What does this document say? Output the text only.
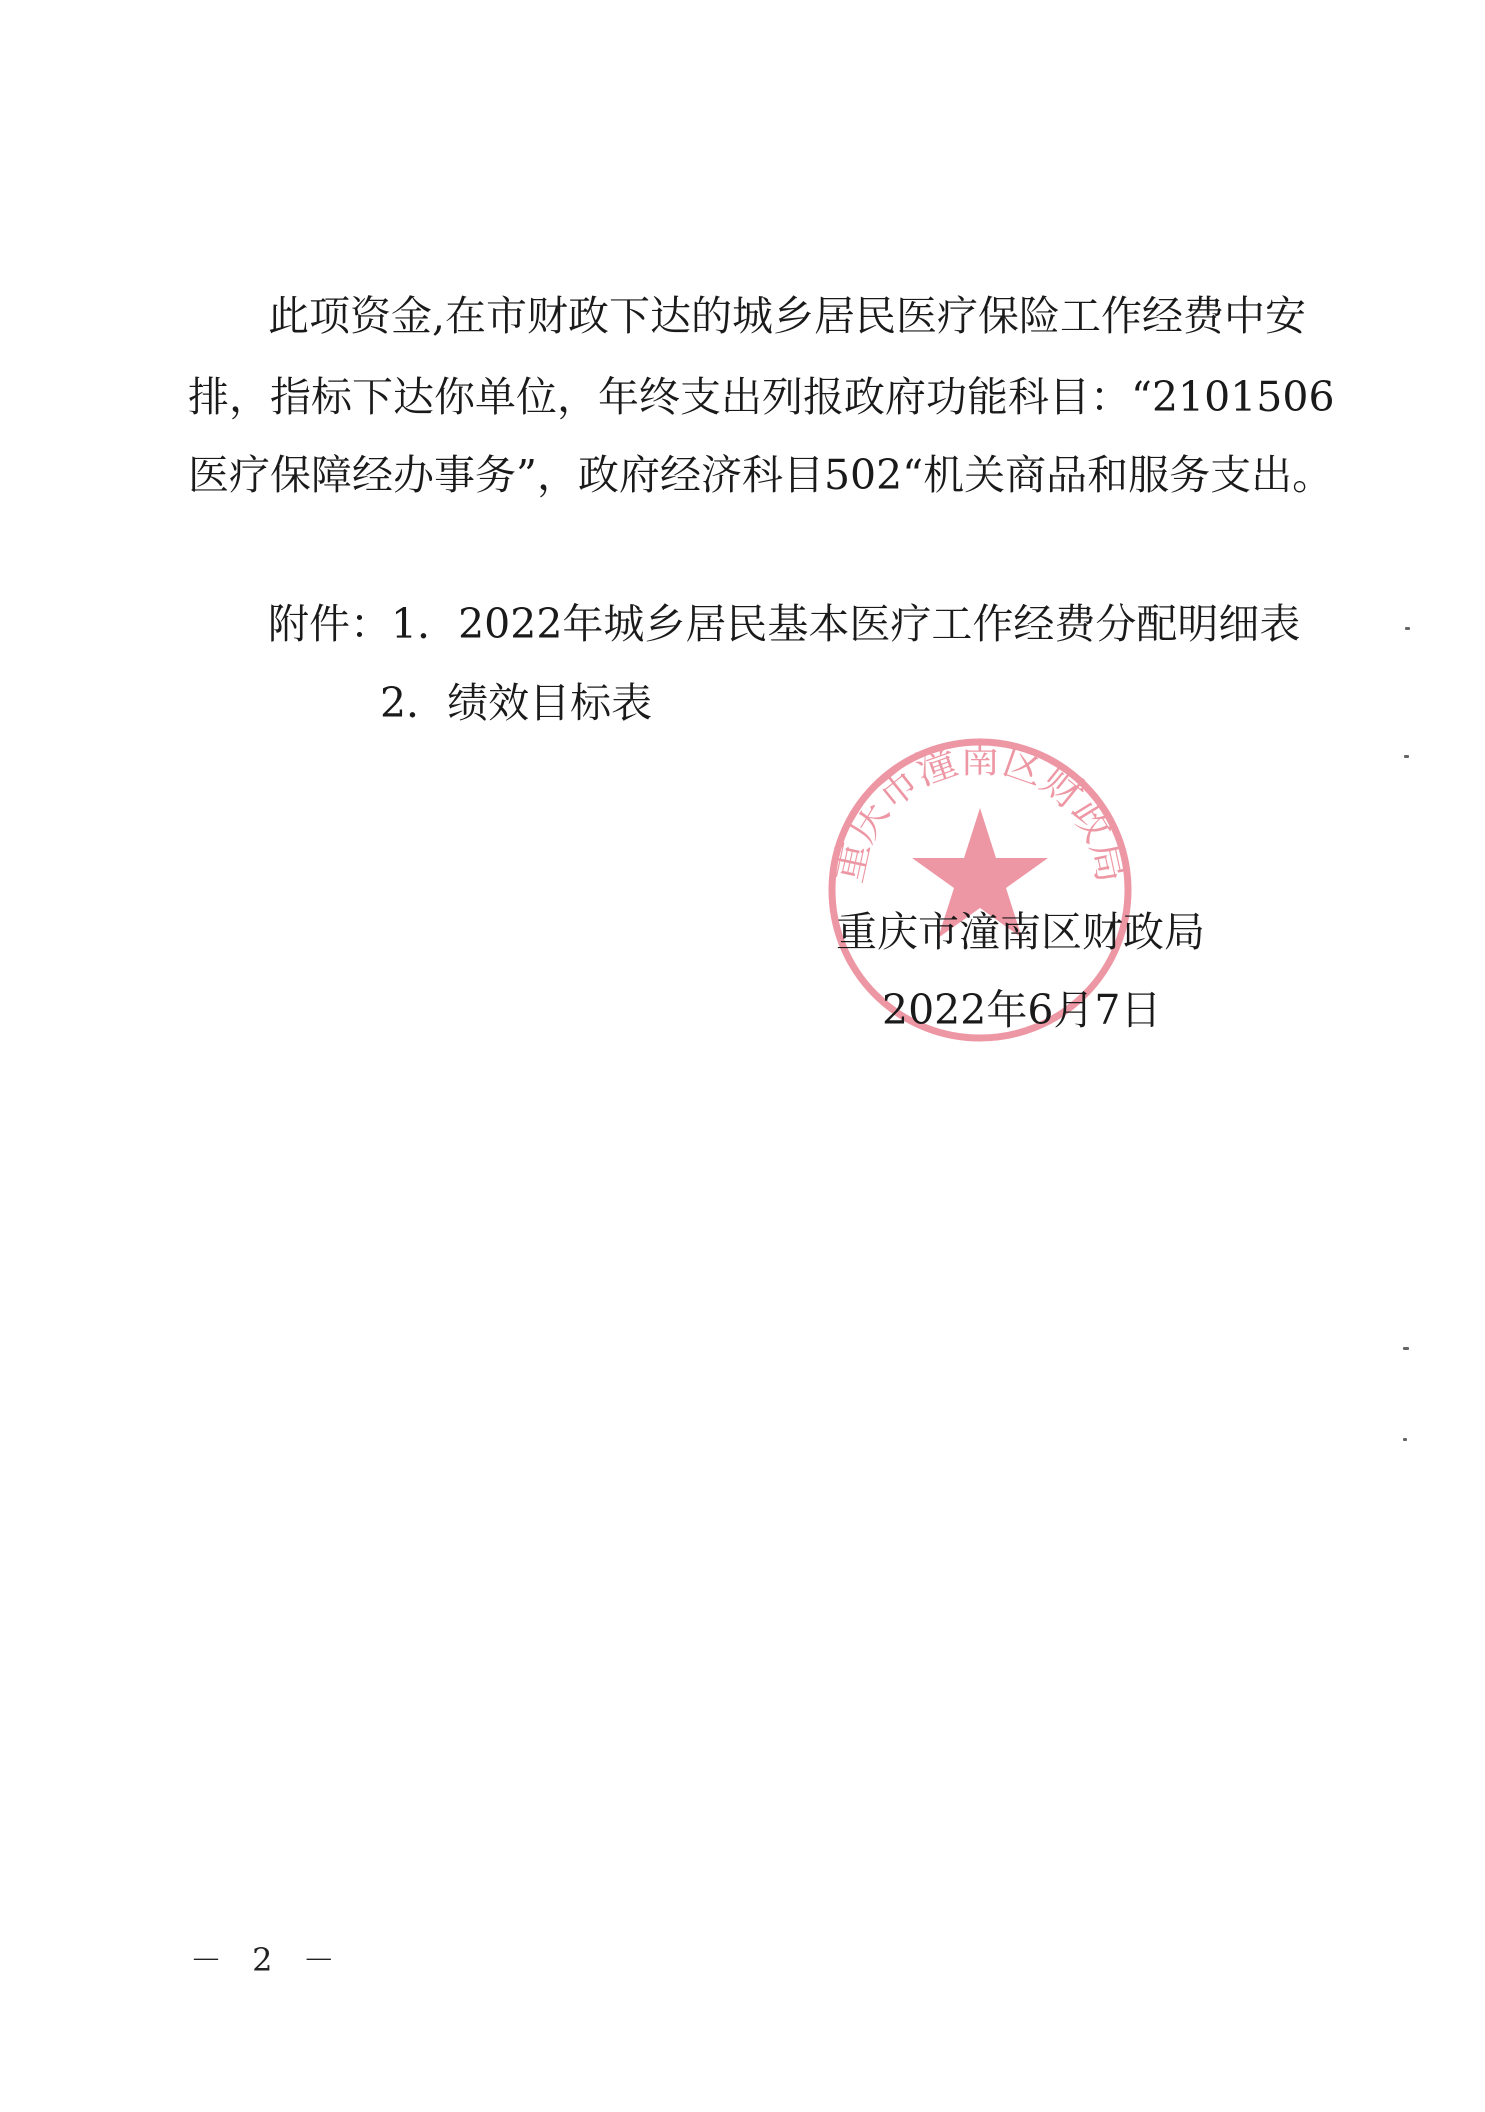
此项资金,在市财政下达的城乡居民医疗保险工作经费中安
排，指标下达你单位，年终支出列报政府功能科目：“2101506
医疗保障经办事务”，政府经济科目502“机关商品和服务支出。
附件：1．2022年城乡居民基本医疗工作经费分配明细表
2．绩效目标表
重庆市潼南区财政局
重庆市潼南区财政局
2022年6月7日
－ 2 －
